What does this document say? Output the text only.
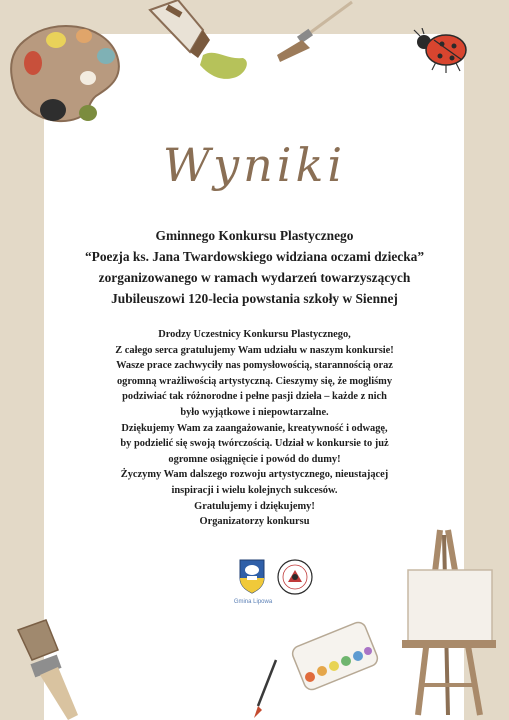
Wyniki
Gminnego Konkursu Plastycznego
“Poezja ks. Jana Twardowskiego widziana oczami dziecka”
zorganizowanego w ramach wydarzeń towarzyszących
Jubileuszowi 120-lecia powstania szkoły w Siennej
Drodzy Uczestnicy Konkursu Plastycznego,
Z całego serca gratulujemy Wam udziału w naszym konkursie!
Wasze prace zachwyciły nas pomysłowością, starannością oraz
ogromną wrażliwością artystyczną. Cieszymy się, że mogliśmy
podziwiać tak różnorodne i pełne pasji dzieła – każde z nich
było wyjątkowe i niepowtarzalne.
Dziękujemy Wam za zaangażowanie, kreatywność i odwagę,
by podzielić się swoją twórczością. Udział w konkursie to już
ogromne osiągnięcie i powód do dumy!
Życzymy Wam dalszego rozwoju artystycznego, nieustającej
inspiracji i wielu kolejnych sukcesów.
Gratulujemy i dziękujemy!
Organizatorzy konkursu
Gmina Lipowa
